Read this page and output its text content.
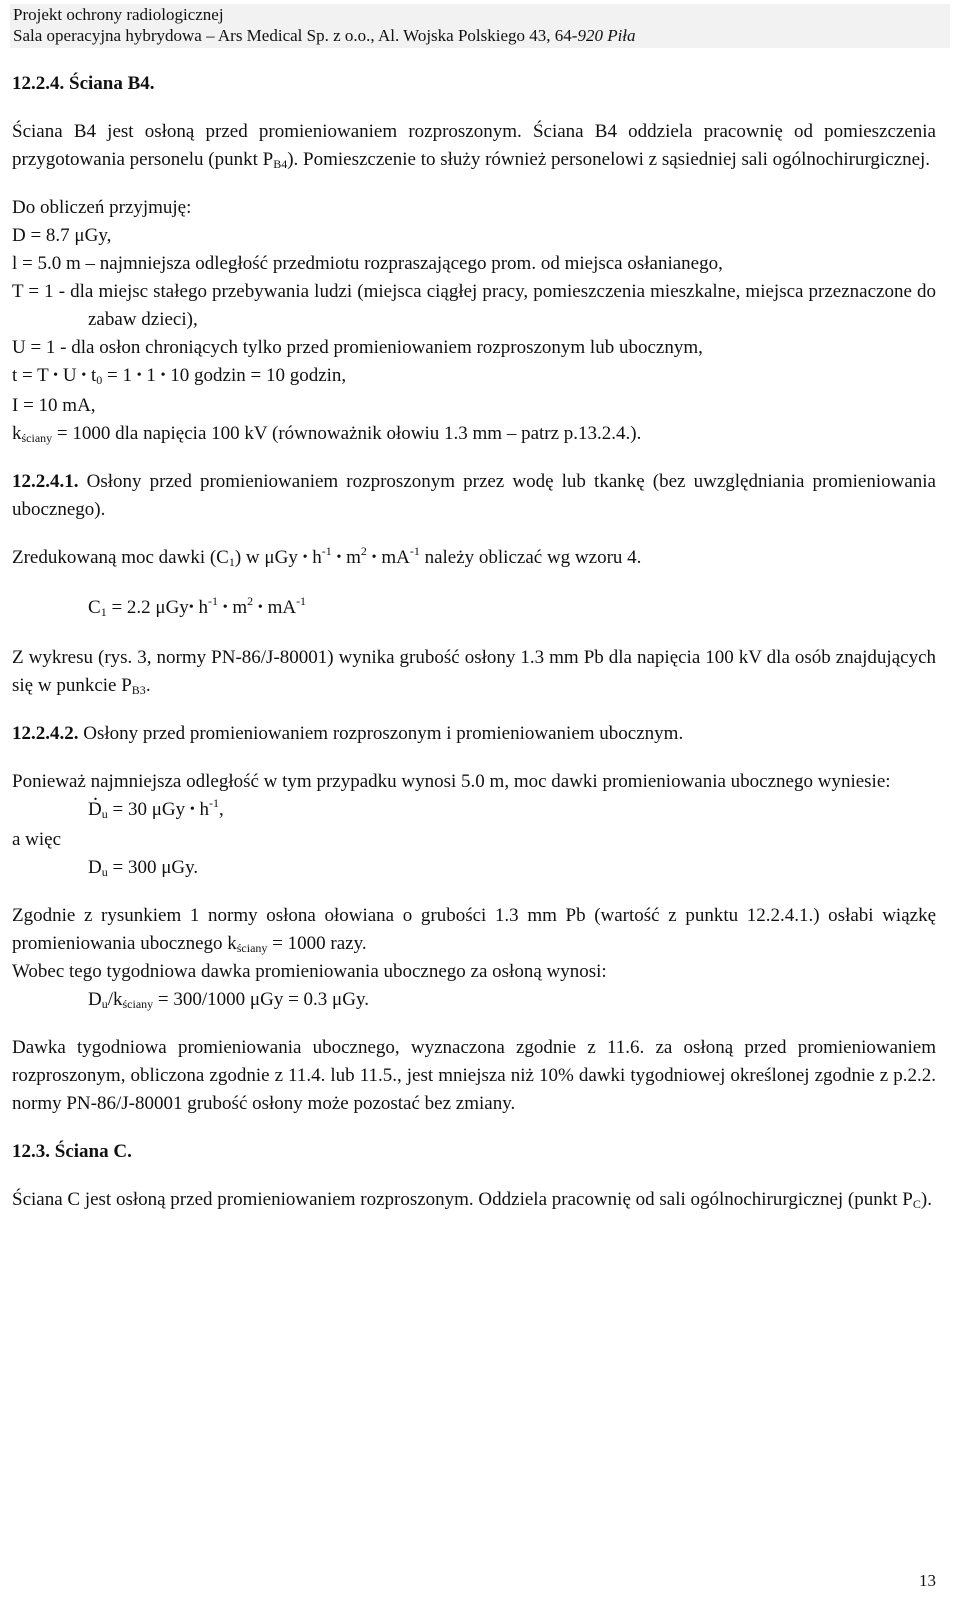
Projekt ochrony radiologicznej
Sala operacyjna hybrydowa – Ars Medical Sp. z o.o., Al. Wojska Polskiego 43, 64-920 Piła

12.2.4. Ściana B4.

Ściana B4 jest osłoną przed promieniowaniem rozproszonym. Ściana B4 oddziela pracownię od pomieszczenia przygotowania personelu (punkt $P_{B4}$). Pomieszczenie to służy również personelowi z sąsiedniej sali ogólnochirurgicznej.

Do obliczeń przyjmuję:

D = 8.7 μGy,

l = 5.0 m – najmniejsza odległość przedmiotu rozpraszającego prom. od miejsca osłanianego,

T = 1 - dla miejsc stałego przebywania ludzi (miejsca ciągłej pracy, pomieszczenia mieszkalne, miejsca przeznaczone do zabaw dzieci),

U = 1 - dla osłon chroniących tylko przed promieniowaniem rozproszonym lub ubocznym,

t = T • U • $t_0 = 1$ • 1 • 10 godzin = 10 godzin,

I = 10 mA,

$k_{ściany} = 1000$ dla napięcia 100 kV (równoważnik ołowiu 1.3 mm – patrz p.13.2.4.).

12.2.4.1. Osłony przed promieniowaniem rozproszonym przez wodę lub tkankę (bez uwzględniania promieniowania ubocznego).

Zredukowaną moc dawki $(C_1)$ w μGy • $h^{-1}$ • $m^2$ • $mA^{-1}$ należy obliczać wg wzoru 4.

$C_1 = 2.2$ μGy• $h^{-1}$ • $m^2$ • $mA^{-1}$

Z wykresu (rys. 3, normy PN-86/J-80001) wynika grubość osłony 1.3 mm Pb dla napięcia 100 kV dla osób znajdujących się w punkcie $P_{B3}$.

12.2.4.2. Osłony przed promieniowaniem rozproszonym i promieniowaniem ubocznym.

Ponieważ najmniejsza odległość w tym przypadku wynosi 5.0 m, moc dawki promieniowania ubocznego wyniesie:

. $D_u = 30$ μGy • $h^{-1}$,

a więc

$D_u = 300$ μGy.

Zgodnie z rysunkiem 1 normy osłona ołowiana o grubości 1.3 mm Pb (wartość z punktu 12.2.4.1.) osłabi wiązkę promieniowania ubocznego $k_{ściany} = 1000$ razy.

Wobec tego tygodniowa dawka promieniowania ubocznego za osłoną wynosi:

$D_u/k_{ściany} = 300/1000$ μGy = 0.3 μGy.

Dawka tygodniowa promieniowania ubocznego, wyznaczona zgodnie z 11.6. za osłoną przed promieniowaniem rozproszonym, obliczona zgodnie z 11.4. lub 11.5., jest mniejsza niż 10% dawki tygodniowej określonej zgodnie z p.2.2. normy PN-86/J-80001 grubość osłony może pozostać bez zmiany.

12.3. Ściana C.

Ściana C jest osłoną przed promieniowaniem rozproszonym. Oddziela pracownię od sali ogólnochirurgicznej (punkt $P_C$).

13
